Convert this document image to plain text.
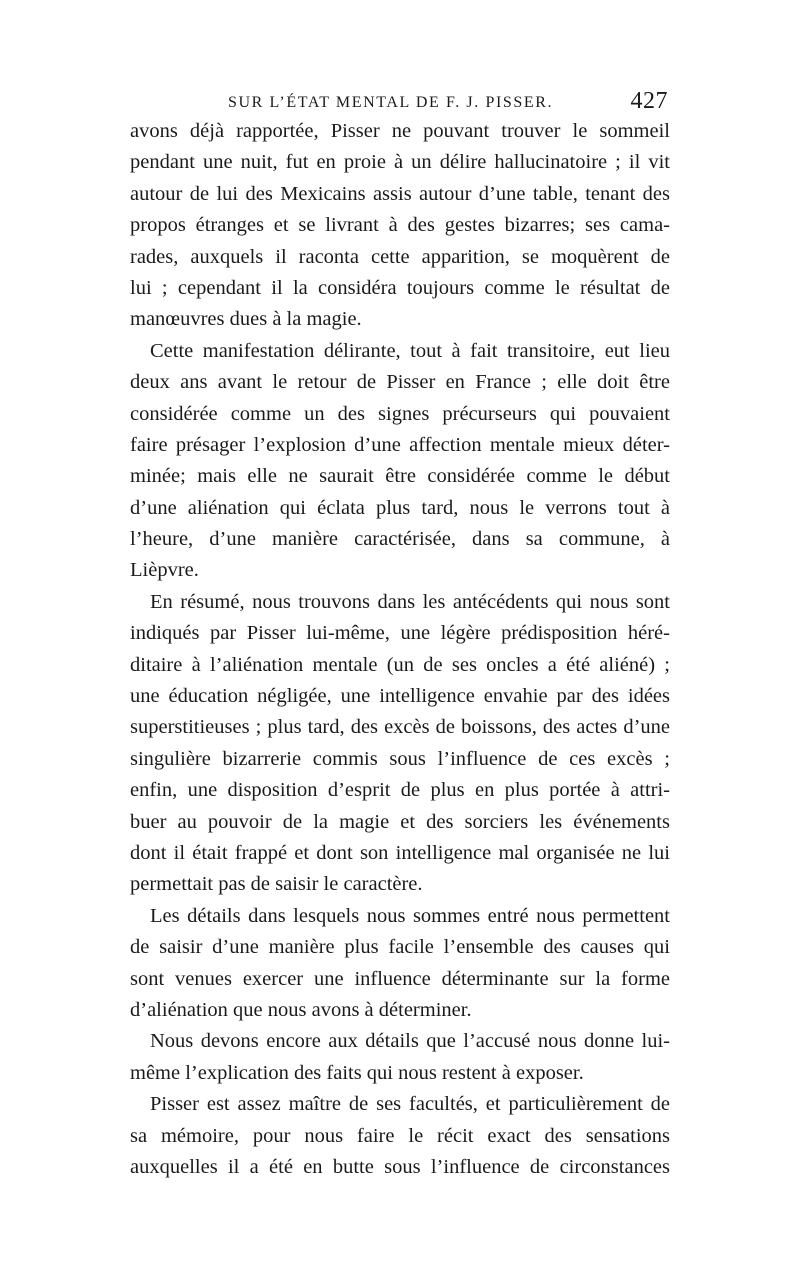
SUR L’ÉTAT MENTAL DE F. J. PISSER.	427
avons déjà rapportée, Pisser ne pouvant trouver le sommeil
pendant une nuit, fut en proie à un délire hallucinatoire ; il vit
autour de lui des Mexicains assis autour d’une table, tenant des
propos étranges et se livrant à des gestes bizarres; ses cama-
rades, auxquels il raconta cette apparition, se moquèrent de
lui ; cependant il la considéra toujours comme le résultat de
manœuvres dues à la magie.
Cette manifestation délirante, tout à fait transitoire, eut lieu
deux ans avant le retour de Pisser en France ; elle doit être
considérée comme un des signes précurseurs qui pouvaient
faire présager l’explosion d’une affection mentale mieux déter-
minée; mais elle ne saurait être considérée comme le début
d’une aliénation qui éclata plus tard, nous le verrons tout à
l’heure, d’une manière caractérisée, dans sa commune, à
Lièpvre.
En résumé, nous trouvons dans les antécédents qui nous sont
indiqués par Pisser lui-même, une légère prédisposition héré-
ditaire à l’aliénation mentale (un de ses oncles a été aliéné) ;
une éducation négligée, une intelligence envahie par des idées
superstitieuses ; plus tard, des excès de boissons, des actes d’une
singulière bizarrerie commis sous l’influence de ces excès ;
enfin, une disposition d’esprit de plus en plus portée à attri-
buer au pouvoir de la magie et des sorciers les événements
dont il était frappé et dont son intelligence mal organisée ne lui
permettait pas de saisir le caractère.
Les détails dans lesquels nous sommes entré nous permettent
de saisir d’une manière plus facile l’ensemble des causes qui
sont venues exercer une influence déterminante sur la forme
d’aliénation que nous avons à déterminer.
Nous devons encore aux détails que l’accusé nous donne lui-
même l’explication des faits qui nous restent à exposer.
Pisser est assez maître de ses facultés, et particulièrement de
sa mémoire, pour nous faire le récit exact des sensations
auxquelles il a été en butte sous l’influence de circonstances
